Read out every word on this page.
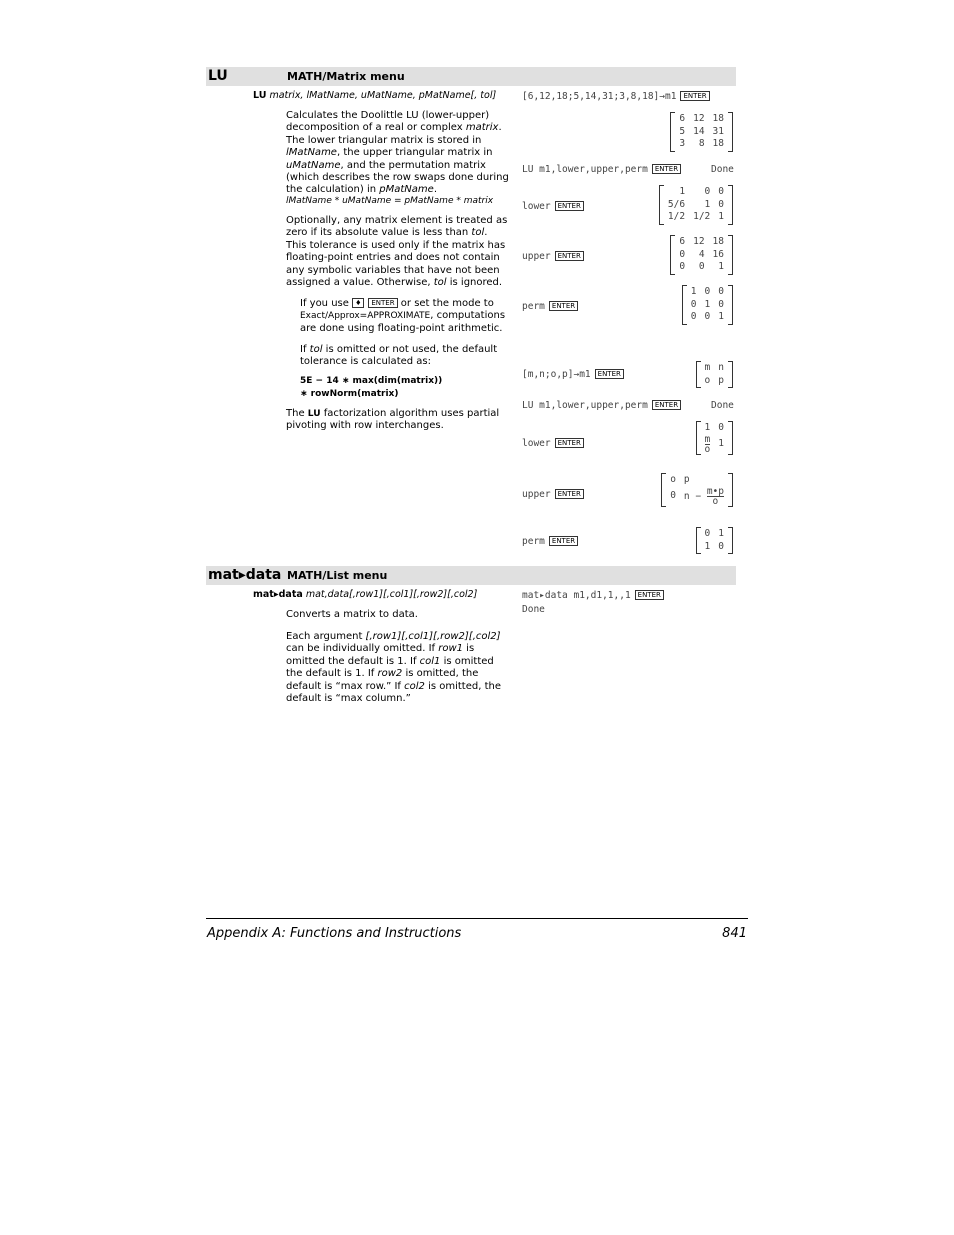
LU	MATH/Matrix menu
LU matrix, lMatName, uMatName, pMatName[, tol]
Calculates the Doolittle LU (lower-upper) decomposition of a real or complex matrix. The lower triangular matrix is stored in lMatName, the upper triangular matrix in uMatName, and the permutation matrix (which describes the row swaps done during the calculation) in pMatName.
lMatName * uMatName = pMatName * matrix
Optionally, any matrix element is treated as zero if its absolute value is less than tol. This tolerance is used only if the matrix has floating-point entries and does not contain any symbolic variables that have not been assigned a value. Otherwise, tol is ignored.
If you use ♦ ENTER or set the mode to Exact/Approx=APPROXIMATE, computations are done using floating-point arithmetic.
If tol is omitted or not used, the default tolerance is calculated as:
5E − 14 ∗ max(dim(matrix))
∗ rowNorm(matrix)
The LU factorization algorithm uses partial pivoting with row interchanges.
[6,12,18;5,14,31;3,8,18]→m1 ENTER
6	12	18
5	14	31
3	8	18
LU m1,lower,upper,perm ENTER	Done
lower ENTER
1	0	0
5/6	1	0
1/2	1/2	1
upper ENTER
6	12	18
0	4	16
0	0	1
perm ENTER
1	0	0
0	1	0
0	0	1
[m,n;o,p]→m1 ENTER
m	n
o	p
LU m1,lower,upper,perm ENTER	Done
lower ENTER
1	0

$\frac{m}{o}$	1
upper ENTER
o	p
0	$n - \frac{m•p}{o}$
perm ENTER
0	1
1	0
mat▸data MATH/List menu
mat▸data mat,data[,row1][,col1][,row2][,col2]
Converts a matrix to data.
Each argument [,row1][,col1][,row2][,col2] can be individually omitted. If row1 is omitted the default is 1. If col1 is omitted the default is 1. If row2 is omitted, the default is “max row.” If col2 is omitted, the default is “max column.”
mat▸data m1,d1,1,,1 ENTER
Done
Appendix A: Functions and Instructions	841
